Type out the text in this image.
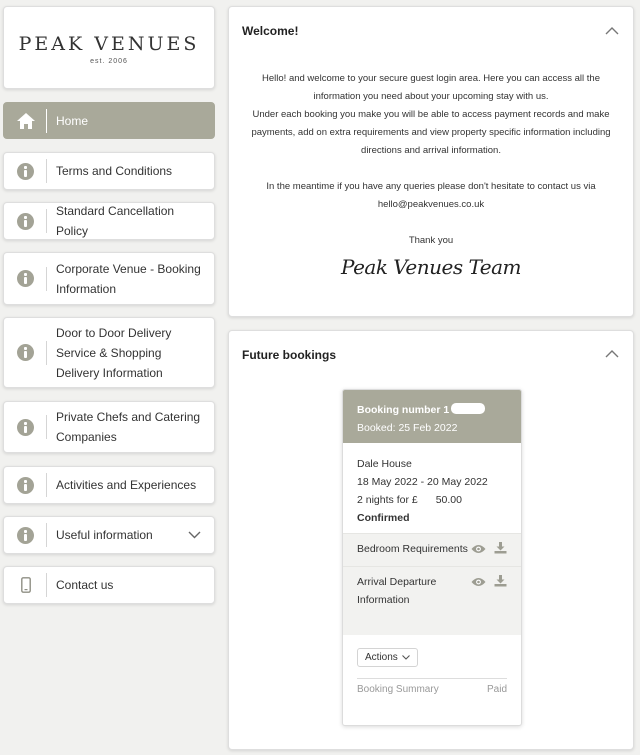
PEAK VENUES
est. 2006
Home
Terms and Conditions
Standard Cancellation Policy
Corporate Venue - Booking Information
Door to Door Delivery Service & Shopping Delivery Information
Private Chefs and Catering Companies
Activities and Experiences
Useful information
Contact us
Welcome!

Hello! and welcome to your secure guest login area. Here you can access all the information you need about your upcoming stay with us.

Under each booking you make you will be able to access payment records and make payments, add on extra requirements and view property specific information including directions and arrival information.

In the meantime if you have any queries please don't hesitate to contact us via hello@peakvenues.co.uk

Thank you

Peak Venues Team
Future bookings
Booking number 1
Booked: 25 Feb 2022
Dale House
18 May 2022 - 20 May 2022
2 nights for £ 50.00
Confirmed
Bedroom Requirements
Arrival Departure Information
Actions
Booking Summary	Paid
